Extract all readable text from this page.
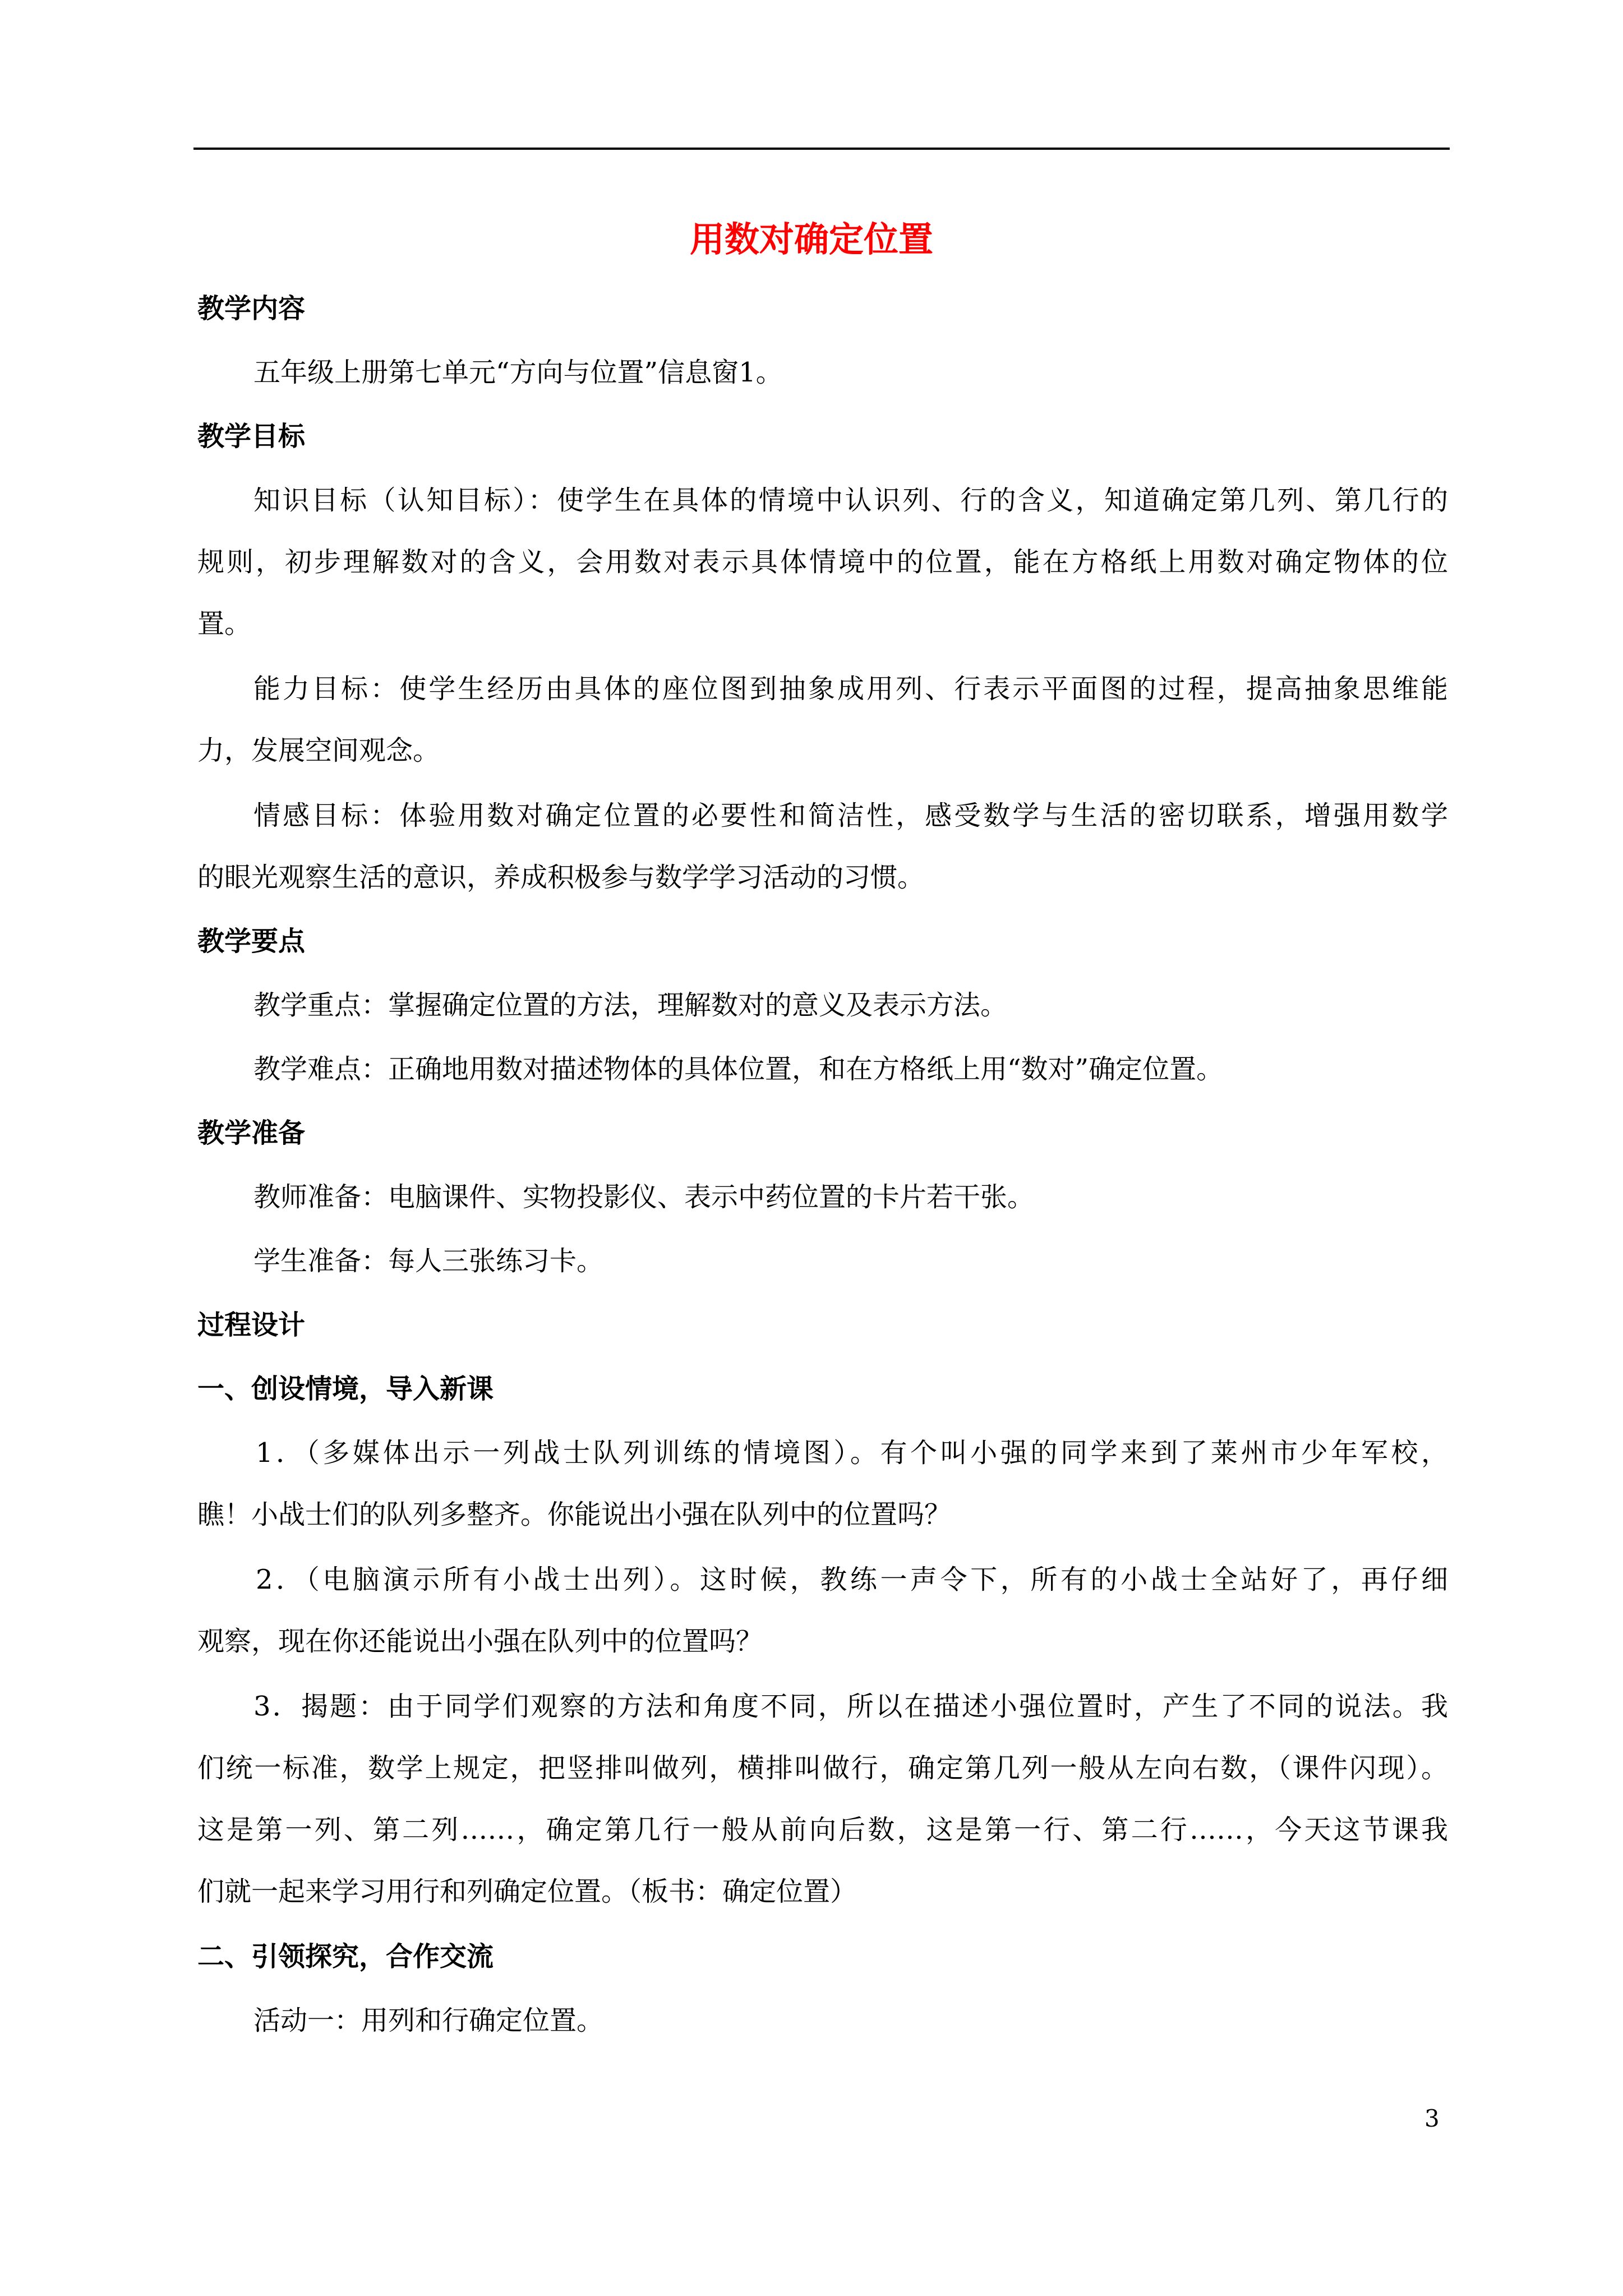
用数对确定位置

教学内容

五年级上册第七单元“方向与位置”信息窗1。

教学目标

知识目标（认知目标）：使学生在具体的情境中认识列、行的含义，知道确定第几列、第几行的

规则，初步理解数对的含义，会用数对表示具体情境中的位置，能在方格纸上用数对确定物体的位

置。

能力目标：使学生经历由具体的座位图到抽象成用列、行表示平面图的过程，提高抽象思维能

力，发展空间观念。

情感目标：体验用数对确定位置的必要性和简洁性，感受数学与生活的密切联系，增强用数学

的眼光观察生活的意识，养成积极参与数学学习活动的习惯。

教学要点

教学重点：掌握确定位置的方法，理解数对的意义及表示方法。

教学难点：正确地用数对描述物体的具体位置，和在方格纸上用“数对”确定位置。

教学准备

教师准备：电脑课件、实物投影仪、表示中药位置的卡片若干张。

学生准备：每人三张练习卡。

过程设计

一、创设情境，导入新课

1．（多媒体出示一列战士队列训练的情境图）。有个叫小强的同学来到了莱州市少年军校，

瞧！小战士们的队列多整齐。你能说出小强在队列中的位置吗？

2．（电脑演示所有小战士出列）。这时候，教练一声令下，所有的小战士全站好了，再仔细

观察，现在你还能说出小强在队列中的位置吗？

3．揭题：由于同学们观察的方法和角度不同，所以在描述小强位置时，产生了不同的说法。我

们统一标准，数学上规定，把竖排叫做列，横排叫做行，确定第几列一般从左向右数，（课件闪现）。

这是第一列、第二列……，确定第几行一般从前向后数，这是第一行、第二行……，今天这节课我

们就一起来学习用行和列确定位置。（板书：确定位置）

二、引领探究，合作交流

活动一：用列和行确定位置。

3
